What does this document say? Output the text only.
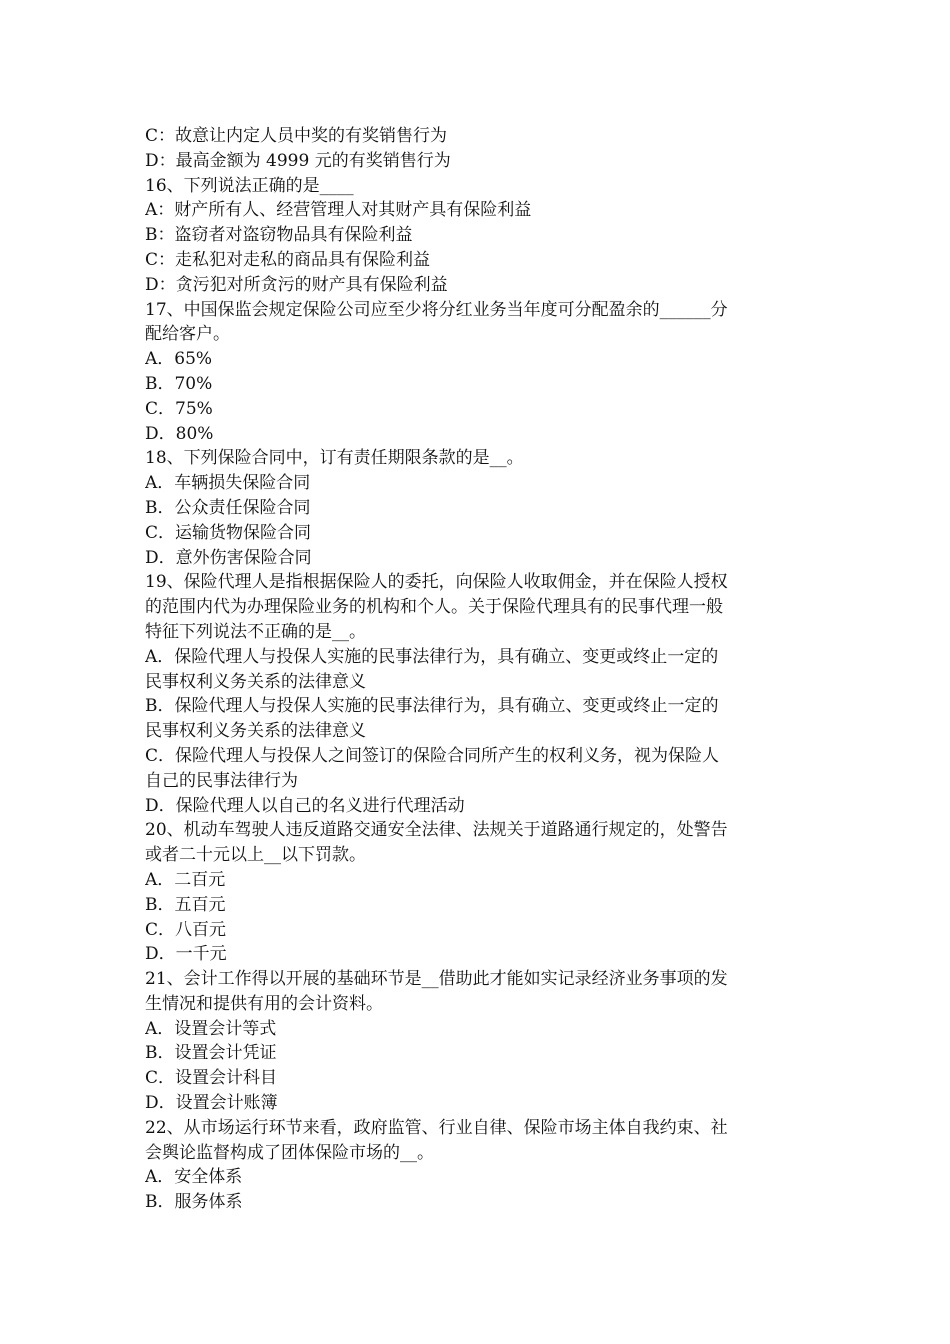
C：故意让内定人员中奖的有奖销售行为
D：最高金额为 4999 元的有奖销售行为
16、下列说法正确的是____
A：财产所有人、经营管理人对其财产具有保险利益
B：盗窃者对盗窃物品具有保险利益
C：走私犯对走私的商品具有保险利益
D：贪污犯对所贪污的财产具有保险利益
17、中国保监会规定保险公司应至少将分红业务当年度可分配盈余的______分
配给客户。
A．65%
B．70%
C．75%
D．80%
18、下列保险合同中，订有责任期限条款的是__。
A．车辆损失保险合同
B．公众责任保险合同
C．运输货物保险合同
D．意外伤害保险合同
19、保险代理人是指根据保险人的委托，向保险人收取佣金，并在保险人授权
的范围内代为办理保险业务的机构和个人。关于保险代理具有的民事代理一般
特征下列说法不正确的是__。
A．保险代理人与投保人实施的民事法律行为，具有确立、变更或终止一定的
民事权利义务关系的法律意义
B．保险代理人与投保人实施的民事法律行为，具有确立、变更或终止一定的
民事权利义务关系的法律意义
C．保险代理人与投保人之间签订的保险合同所产生的权利义务，视为保险人
自己的民事法律行为
D．保险代理人以自己的名义进行代理活动
20、机动车驾驶人违反道路交通安全法律、法规关于道路通行规定的，处警告
或者二十元以上__以下罚款。
A．二百元
B．五百元
C．八百元
D．一千元
21、会计工作得以开展的基础环节是__借助此才能如实记录经济业务事项的发
生情况和提供有用的会计资料。
A．设置会计等式
B．设置会计凭证
C．设置会计科目
D．设置会计账簿
22、从市场运行环节来看，政府监管、行业自律、保险市场主体自我约束、社
会舆论监督构成了团体保险市场的__。
A．安全体系
B．服务体系
